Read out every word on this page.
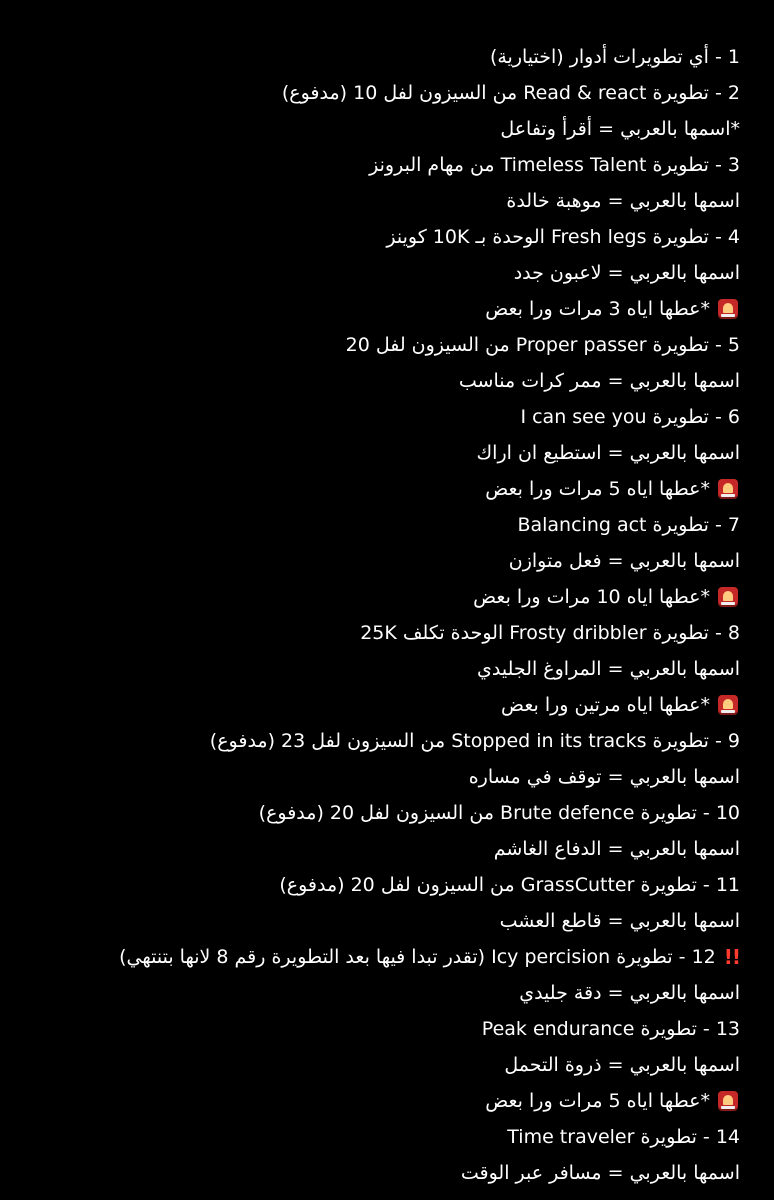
1 - أي تطويرات أدوار (اختيارية)
2 - تطويرة Read & react من السيزون لفل 10 (مدفوع)
*اسمها بالعربي = أقرأ وتفاعل
3 - تطويرة Timeless Talent من مهام البرونز
اسمها بالعربي = موهبة خالدة
4 - تطويرة Fresh legs الوحدة بـ 10K كوينز
اسمها بالعربي = لاعبون جدد
*عطها اياه 3 مرات ورا بعض
5 - تطويرة Proper passer من السيزون لفل 20
اسمها بالعربي = ممر كرات مناسب
6 - تطويرة I can see you
اسمها بالعربي = استطيع ان اراك
*عطها اياه 5 مرات ورا بعض
7 - تطويرة Balancing act
اسمها بالعربي = فعل متوازن
*عطها اياه 10 مرات ورا بعض
8 - تطويرة Frosty dribbler الوحدة تكلف 25K
اسمها بالعربي = المراوغ الجليدي
*عطها اياه مرتين ورا بعض
9 - تطويرة Stopped in its tracks من السيزون لفل 23 (مدفوع)
اسمها بالعربي = توقف في مساره
10 - تطويرة Brute defence من السيزون لفل 20 (مدفوع)
اسمها بالعربي = الدفاع الغاشم
11 - تطويرة GrassCutter من السيزون لفل 20 (مدفوع)
اسمها بالعربي = قاطع العشب
12 - تطويرة Icy percision (تقدر تبدا فيها بعد التطويرة رقم 8 لانها بتنتهي) !!
اسمها بالعربي = دقة جليدي
13 - تطويرة Peak endurance
اسمها بالعربي = ذروة التحمل
*عطها اياه 5 مرات ورا بعض
14 - تطويرة Time traveler
اسمها بالعربي = مسافر عبر الوقت
